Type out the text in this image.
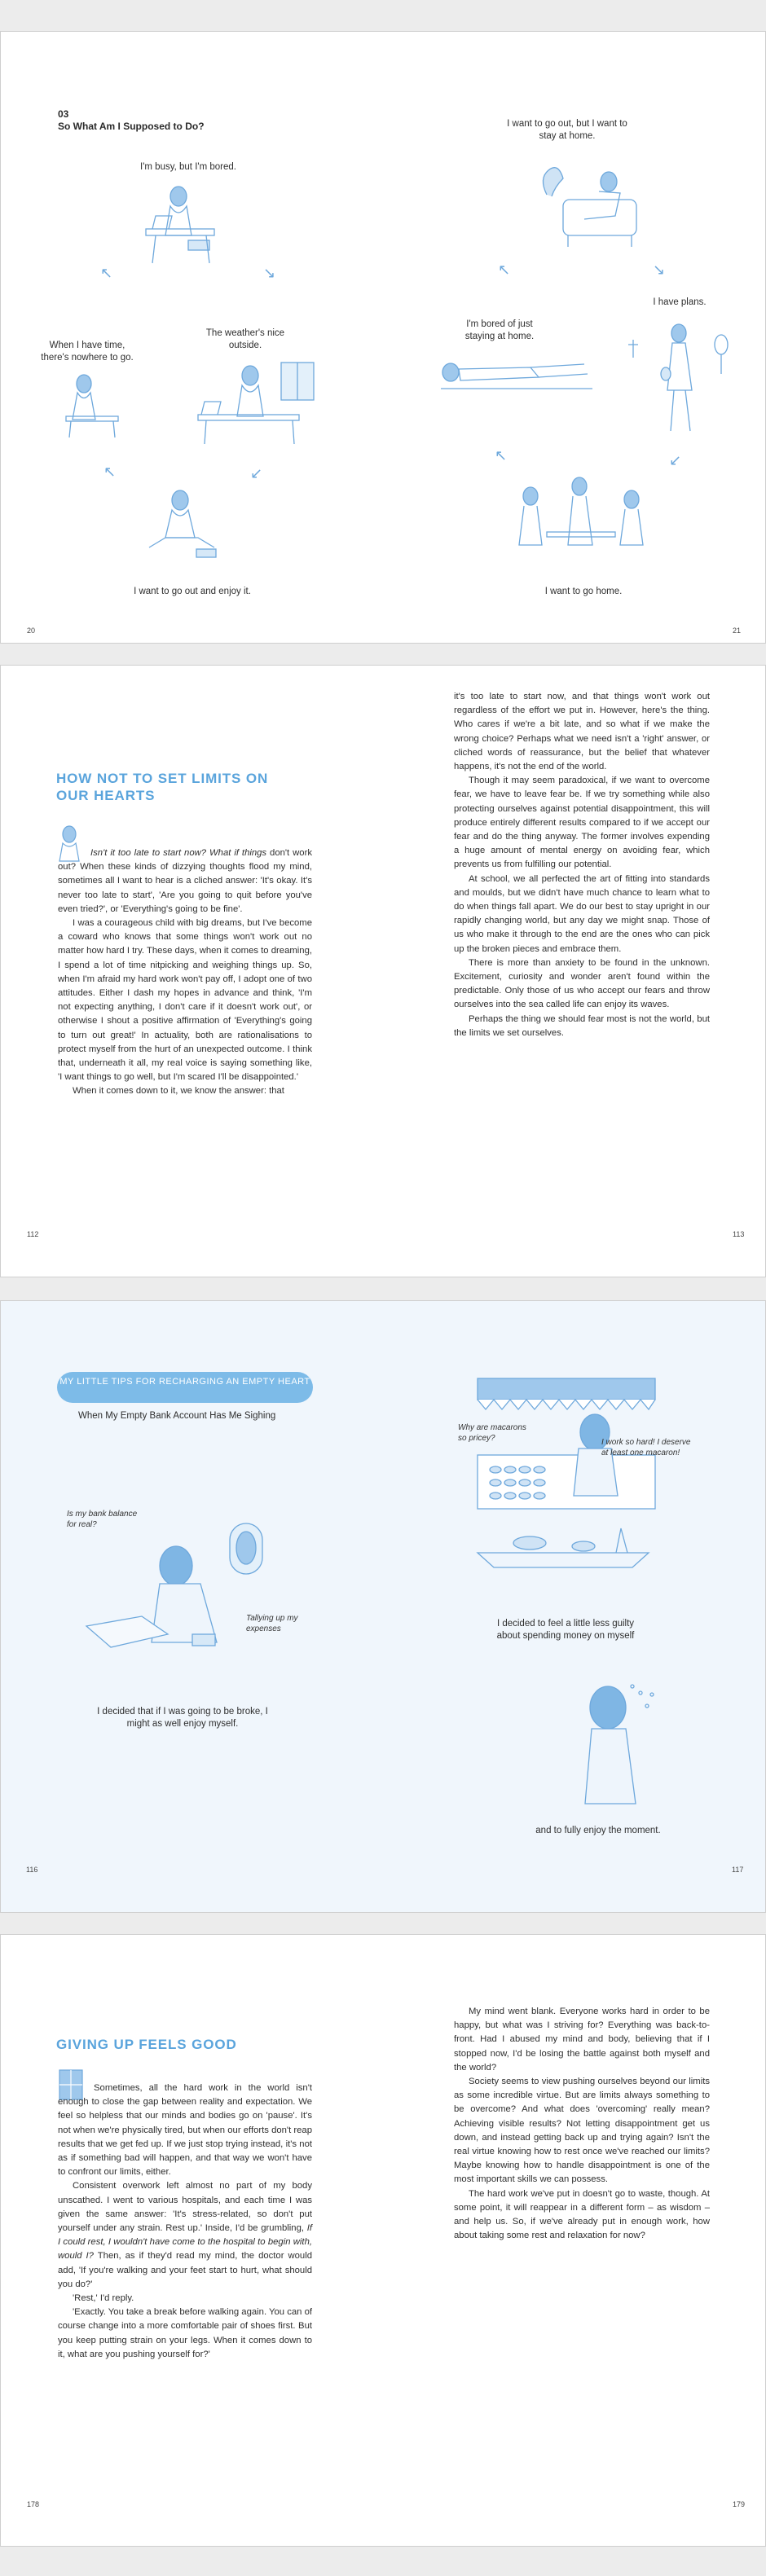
03
So What Am I Supposed to Do?
I'm busy, but I'm bored.
↖	↘
The weather's nice outside.
↙
When I have time, there's nowhere to go.
↖
I want to go out and enjoy it.
20
I want to go out, but I want to stay at home.
↖	↘
I have plans.
↙
I'm bored of just staying at home.
↖
I want to go home.
21
HOW NOT TO SET LIMITS ON OUR HEARTS

Isn't it too late to start now? What if things don't work out? When these kinds of dizzying thoughts flood my mind, sometimes all I want to hear is a cliched answer: 'It's okay. It's never too late to start', 'Are you going to quit before you've even tried?', or 'Everything's going to be fine'.

I was a courageous child with big dreams, but I've become a coward who knows that some things won't work out no matter how hard I try. These days, when it comes to dreaming, I spend a lot of time nitpicking and weighing things up. So, when I'm afraid my hard work won't pay off, I adopt one of two attitudes. Either I dash my hopes in advance and think, 'I'm not expecting anything, I don't care if it doesn't work out', or otherwise I shout a positive affirmation of 'Everything's going to turn out great!' In actuality, both are rationalisations to protect myself from the hurt of an unexpected outcome. I think that, underneath it all, my real voice is saying something like, 'I want things to go well, but I'm scared I'll be disappointed.'

When it comes down to it, we know the answer: that

112

it's too late to start now, and that things won't work out regardless of the effort we put in. However, here's the thing. Who cares if we're a bit late, and so what if we make the wrong choice? Perhaps what we need isn't a 'right' answer, or cliched words of reassurance, but the belief that whatever happens, it's not the end of the world.

Though it may seem paradoxical, if we want to overcome fear, we have to leave fear be. If we try something while also protecting ourselves against potential disappointment, this will produce entirely different results compared to if we accept our fear and do the thing anyway. The former involves expending a huge amount of mental energy on avoiding fear, which prevents us from fulfilling our potential.

At school, we all perfected the art of fitting into standards and moulds, but we didn't have much chance to learn what to do when things fall apart. We do our best to stay upright in our rapidly changing world, but any day we might snap. Those of us who make it through to the end are the ones who can pick up the broken pieces and embrace them.

There is more than anxiety to be found in the unknown. Excitement, curiosity and wonder aren't found within the predictable. Only those of us who accept our fears and throw ourselves into the sea called life can enjoy its waves.

Perhaps the thing we should fear most is not the world, but the limits we set ourselves.

113
MY LITTLE TIPS FOR RECHARGING AN EMPTY HEART
When My Empty Bank Account Has Me Sighing
Is my bank balance for real?
Tallying up my expenses
I decided that if I was going to be broke, I might as well enjoy myself.
116
Why are macarons so pricey?	I work so hard! I deserve at least one macaron!
I decided to feel a little less guilty about spending money on myself
and to fully enjoy the moment.
117
GIVING UP FEELS GOOD

Sometimes, all the hard work in the world isn't enough to close the gap between reality and expectation. We feel so helpless that our minds and bodies go on 'pause'. It's not when we're physically tired, but when our efforts don't reap results that we get fed up. If we just stop trying instead, it's not as if something bad will happen, and that way we won't have to confront our limits, either.

Consistent overwork left almost no part of my body unscathed. I went to various hospitals, and each time I was given the same answer: 'It's stress-related, so don't put yourself under any strain. Rest up.' Inside, I'd be grumbling, If I could rest, I wouldn't have come to the hospital to begin with, would I? Then, as if they'd read my mind, the doctor would add, 'If you're walking and your feet start to hurt, what should you do?'

'Rest,' I'd reply.

'Exactly. You take a break before walking again. You can of course change into a more comfortable pair of shoes first. But you keep putting strain on your legs. When it comes down to it, what are you pushing yourself for?'

178

My mind went blank. Everyone works hard in order to be happy, but what was I striving for? Everything was back-to-front. Had I abused my mind and body, believing that if I stopped now, I'd be losing the battle against both myself and the world?

Society seems to view pushing ourselves beyond our limits as some incredible virtue. But are limits always something to be overcome? And what does 'overcoming' really mean? Achieving visible results? Not letting disappointment get us down, and instead getting back up and trying again? Isn't the real virtue knowing how to rest once we've reached our limits? Maybe knowing how to handle disappointment is one of the most important skills we can possess.

The hard work we've put in doesn't go to waste, though. At some point, it will reappear in a different form – as wisdom – and help us. So, if we've already put in enough work, how about taking some rest and relaxation for now?

179
